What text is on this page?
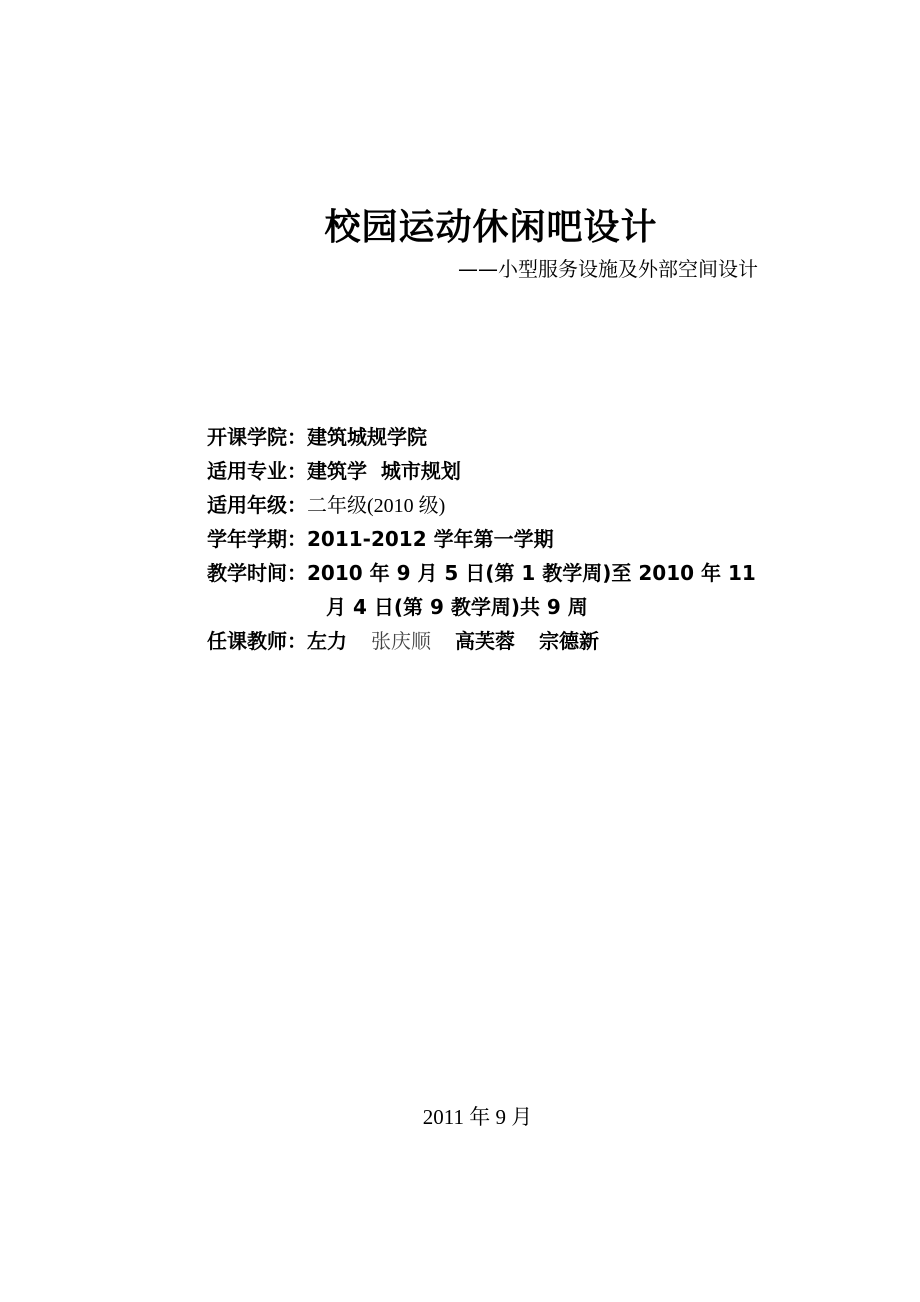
校园运动休闲吧设计
——小型服务设施及外部空间设计
开课学院： 建筑城规学院
适用专业： 建筑学  城市规划
适用年级： 二年级(2010 级)
学年学期： 2011-2012 学年第一学期
教学时间： 2010 年 9 月 5 日(第 1 教学周)至 2010 年 11
月 4 日(第 9 教学周)共 9 周
任课教师： 左力 张庆顺 高芙蓉 宗德新
2011 年 9 月
